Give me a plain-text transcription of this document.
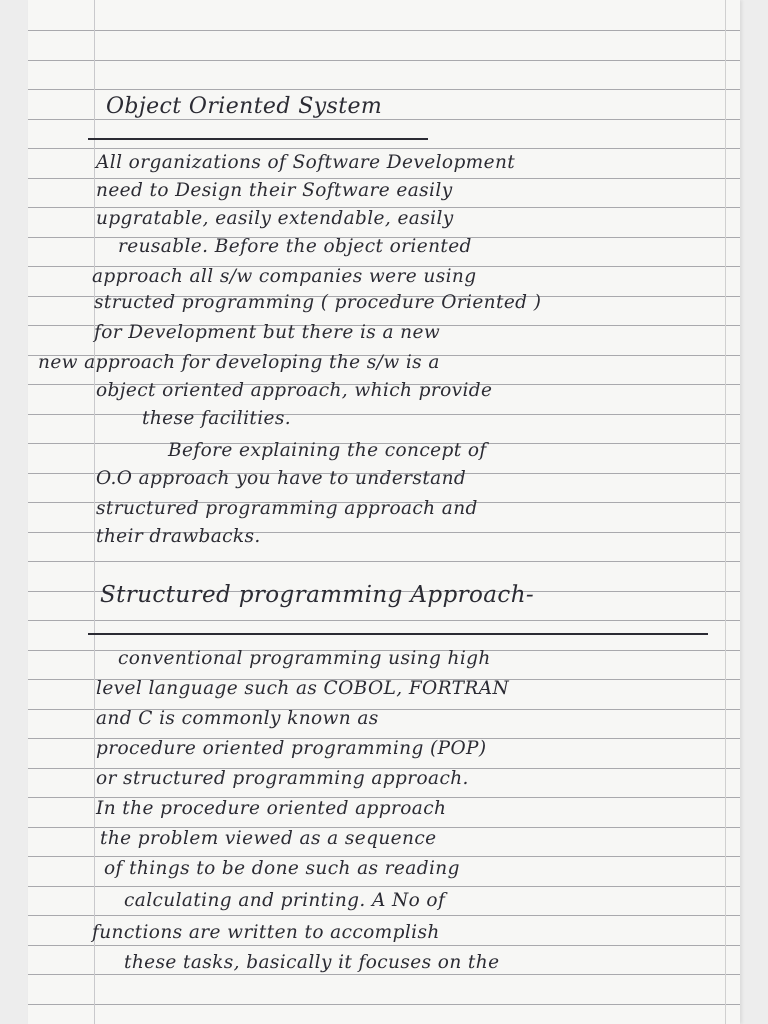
Object Oriented System
All organizations of Software Development
need to Design their Software easily
upgratable, easily extendable, easily
reusable. Before the object oriented
approach all s/w companies were using
structed programming ( procedure Oriented )
for Development but there is a new
new approach for developing the s/w is a
object oriented approach, which provide
these facilities.
Before explaining the concept of
O.O approach you have to understand
structured programming approach and
their drawbacks.
Structured programming Approach-
conventional programming using high
level language such as COBOL, FORTRAN
and C is commonly known as
procedure oriented programming (POP)
or structured programming approach.
In the procedure oriented approach
the problem viewed as a sequence
of things to be done such as reading
calculating and printing. A No of
functions are written to accomplish
these tasks, basically it focuses on the
